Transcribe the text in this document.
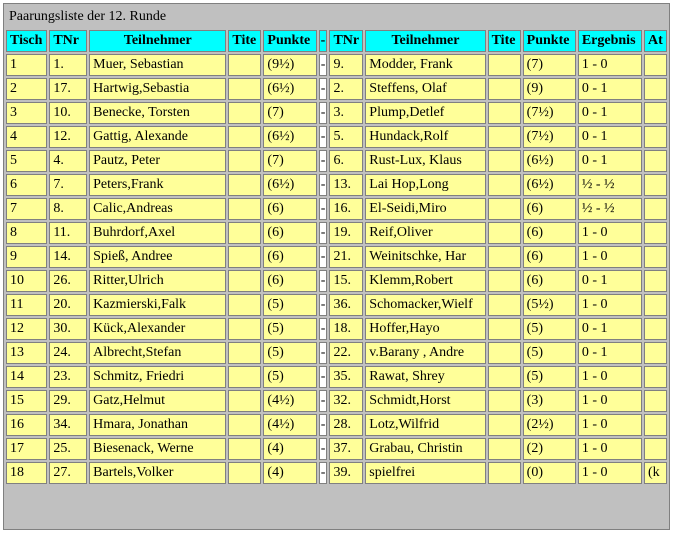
Paarungsliste der 12. Runde											
Tisch	TNr	Teilnehmer	Tite	Punkte	-	TNr	Teilnehmer	Tite	Punkte	Ergebnis	At
1	1.	Muer, Sebastian		(9½)	-	9.	Modder, Frank		(7)	1 - 0	
2	17.	Hartwig,Sebastia		(6½)	-	2.	Steffens, Olaf		(9)	0 - 1	
3	10.	Benecke, Torsten		(7)	-	3.	Plump,Detlef		(7½)	0 - 1	
4	12.	Gattig, Alexande		(6½)	-	5.	Hundack,Rolf		(7½)	0 - 1	
5	4.	Pautz, Peter		(7)	-	6.	Rust-Lux, Klaus		(6½)	0 - 1	
6	7.	Peters,Frank		(6½)	-	13.	Lai Hop,Long		(6½)	½ - ½	
7	8.	Calic,Andreas		(6)	-	16.	El-Seidi,Miro		(6)	½ - ½	
8	11.	Buhrdorf,Axel		(6)	-	19.	Reif,Oliver		(6)	1 - 0	
9	14.	Spieß, Andree		(6)	-	21.	Weinitschke, Har		(6)	1 - 0	
10	26.	Ritter,Ulrich		(6)	-	15.	Klemm,Robert		(6)	0 - 1	
11	20.	Kazmierski,Falk		(5)	-	36.	Schomacker,Wielf		(5½)	1 - 0	
12	30.	Kück,Alexander		(5)	-	18.	Hoffer,Hayo		(5)	0 - 1	
13	24.	Albrecht,Stefan		(5)	-	22.	v.Barany , Andre		(5)	0 - 1	
14	23.	Schmitz, Friedri		(5)	-	35.	Rawat, Shrey		(5)	1 - 0	
15	29.	Gatz,Helmut		(4½)	-	32.	Schmidt,Horst		(3)	1 - 0	
16	34.	Hmara, Jonathan		(4½)	-	28.	Lotz,Wilfrid		(2½)	1 - 0	
17	25.	Biesenack, Werne		(4)	-	37.	Grabau, Christin		(2)	1 - 0	
18	27.	Bartels,Volker		(4)	-	39.	spielfrei		(0)	1 - 0	(k
